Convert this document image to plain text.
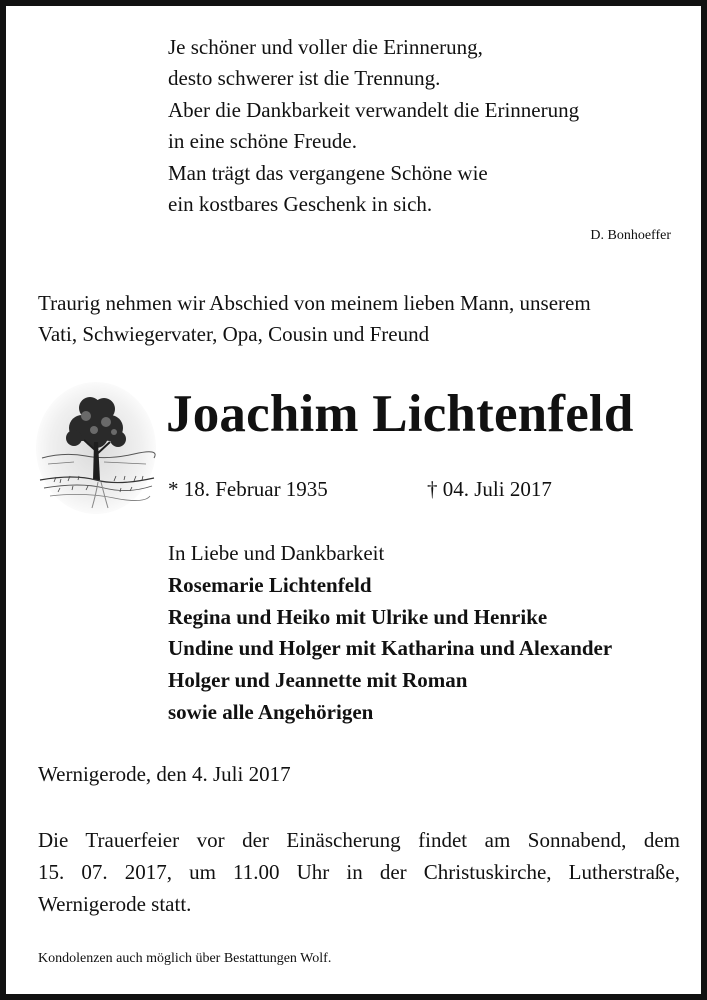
Je schöner und voller die Erinnerung,
desto schwerer ist die Trennung.
Aber die Dankbarkeit verwandelt die Erinnerung
in eine schöne Freude.
Man trägt das vergangene Schöne wie
ein kostbares Geschenk in sich.
D. Bonhoeffer
Traurig nehmen wir Abschied von meinem lieben Mann, unserem
Vati, Schwiegervater, Opa, Cousin und Freund
Joachim Lichtenfeld
* 18. Februar 1935	† 04. Juli 2017
In Liebe und Dankbarkeit
Rosemarie Lichtenfeld
Regina und Heiko mit Ulrike und Henrike
Undine und Holger mit Katharina und Alexander
Holger und Jeannette mit Roman
sowie alle Angehörigen
Wernigerode, den 4. Juli 2017
Die Trauerfeier vor der Einäscherung findet am Sonnabend, dem
15. 07. 2017, um 11.00 Uhr in der Christuskirche, Lutherstraße,
Wernigerode statt.
Kondolenzen auch möglich über Bestattungen Wolf.
